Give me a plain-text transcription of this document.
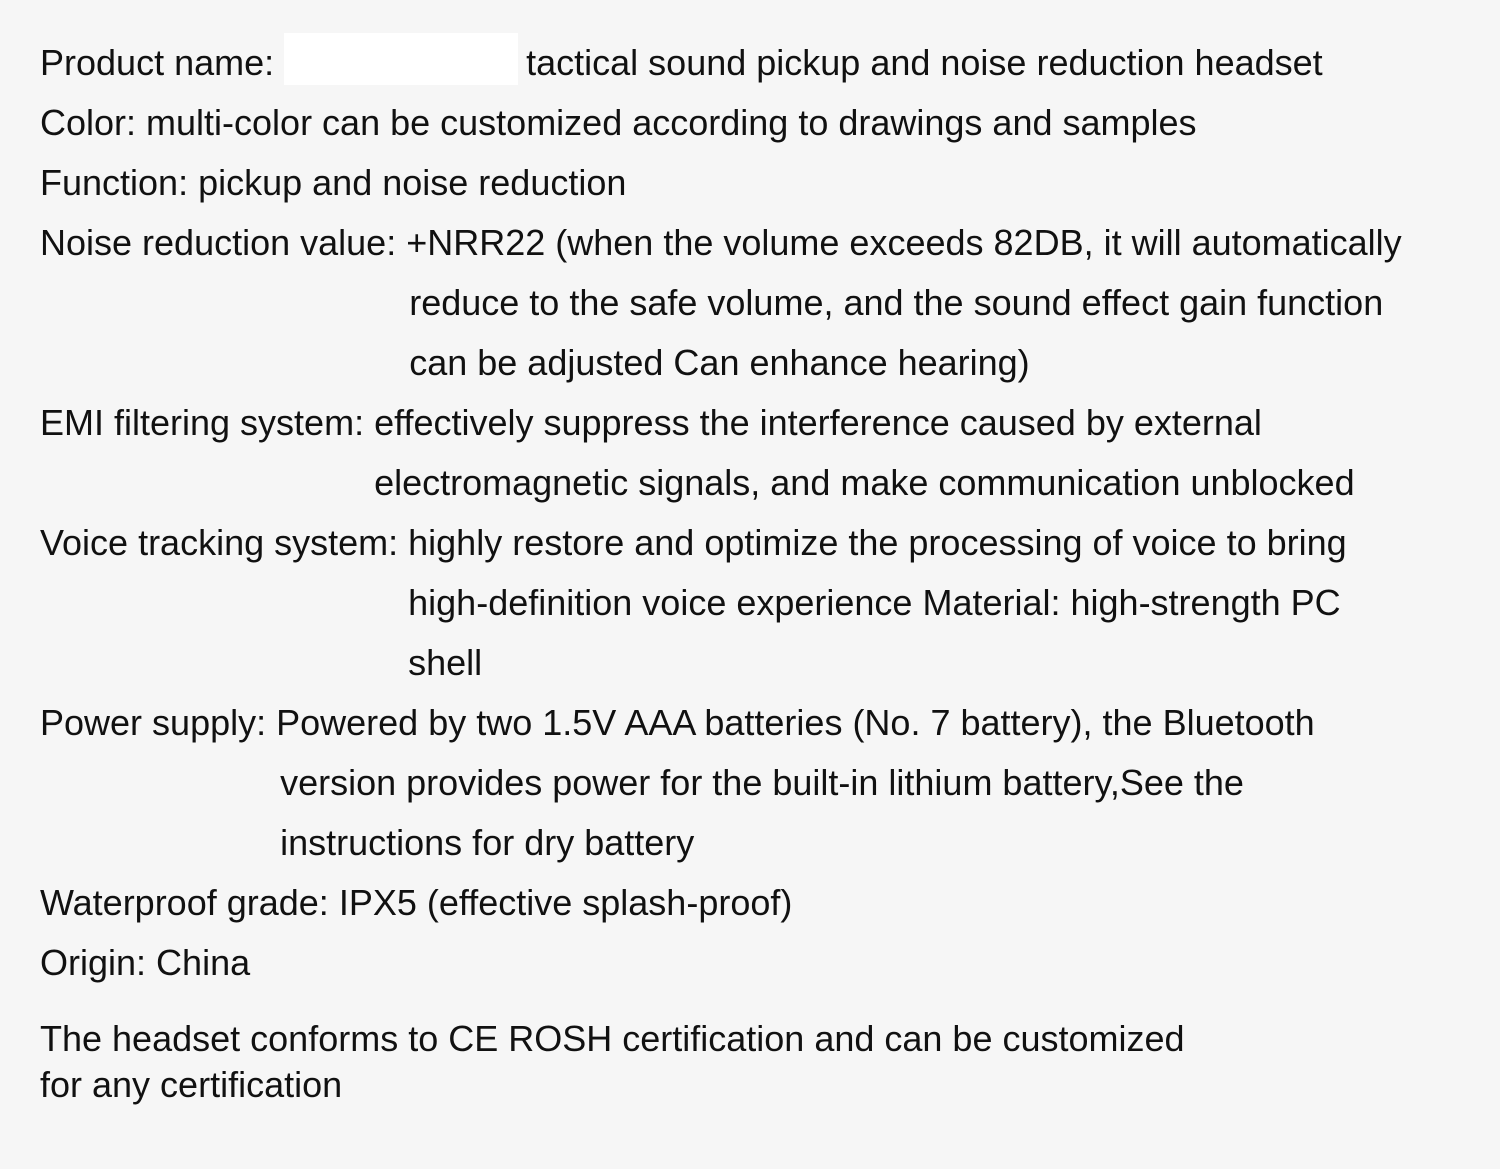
Product name:	tactical sound pickup and noise reduction headset
Color: multi-color can be customized according to drawings and samples
Function: pickup and noise reduction
Noise reduction value: +NRR22 (when the volume exceeds 82DB, it will automatically
reduce to the safe volume, and the sound effect gain function
can be adjusted Can enhance hearing)
EMI filtering system: effectively suppress the interference caused by external
electromagnetic signals, and make communication unblocked
Voice tracking system: highly restore and optimize the processing of voice to bring
high-definition voice experience Material: high-strength PC
shell
Power supply: Powered by two 1.5V AAA batteries (No. 7 battery), the Bluetooth
version provides power for the built-in lithium battery,See the
instructions for dry battery
Waterproof grade: IPX5 (effective splash-proof)
Origin: China
The headset conforms to CE ROSH certification and can be customized
for any certification
